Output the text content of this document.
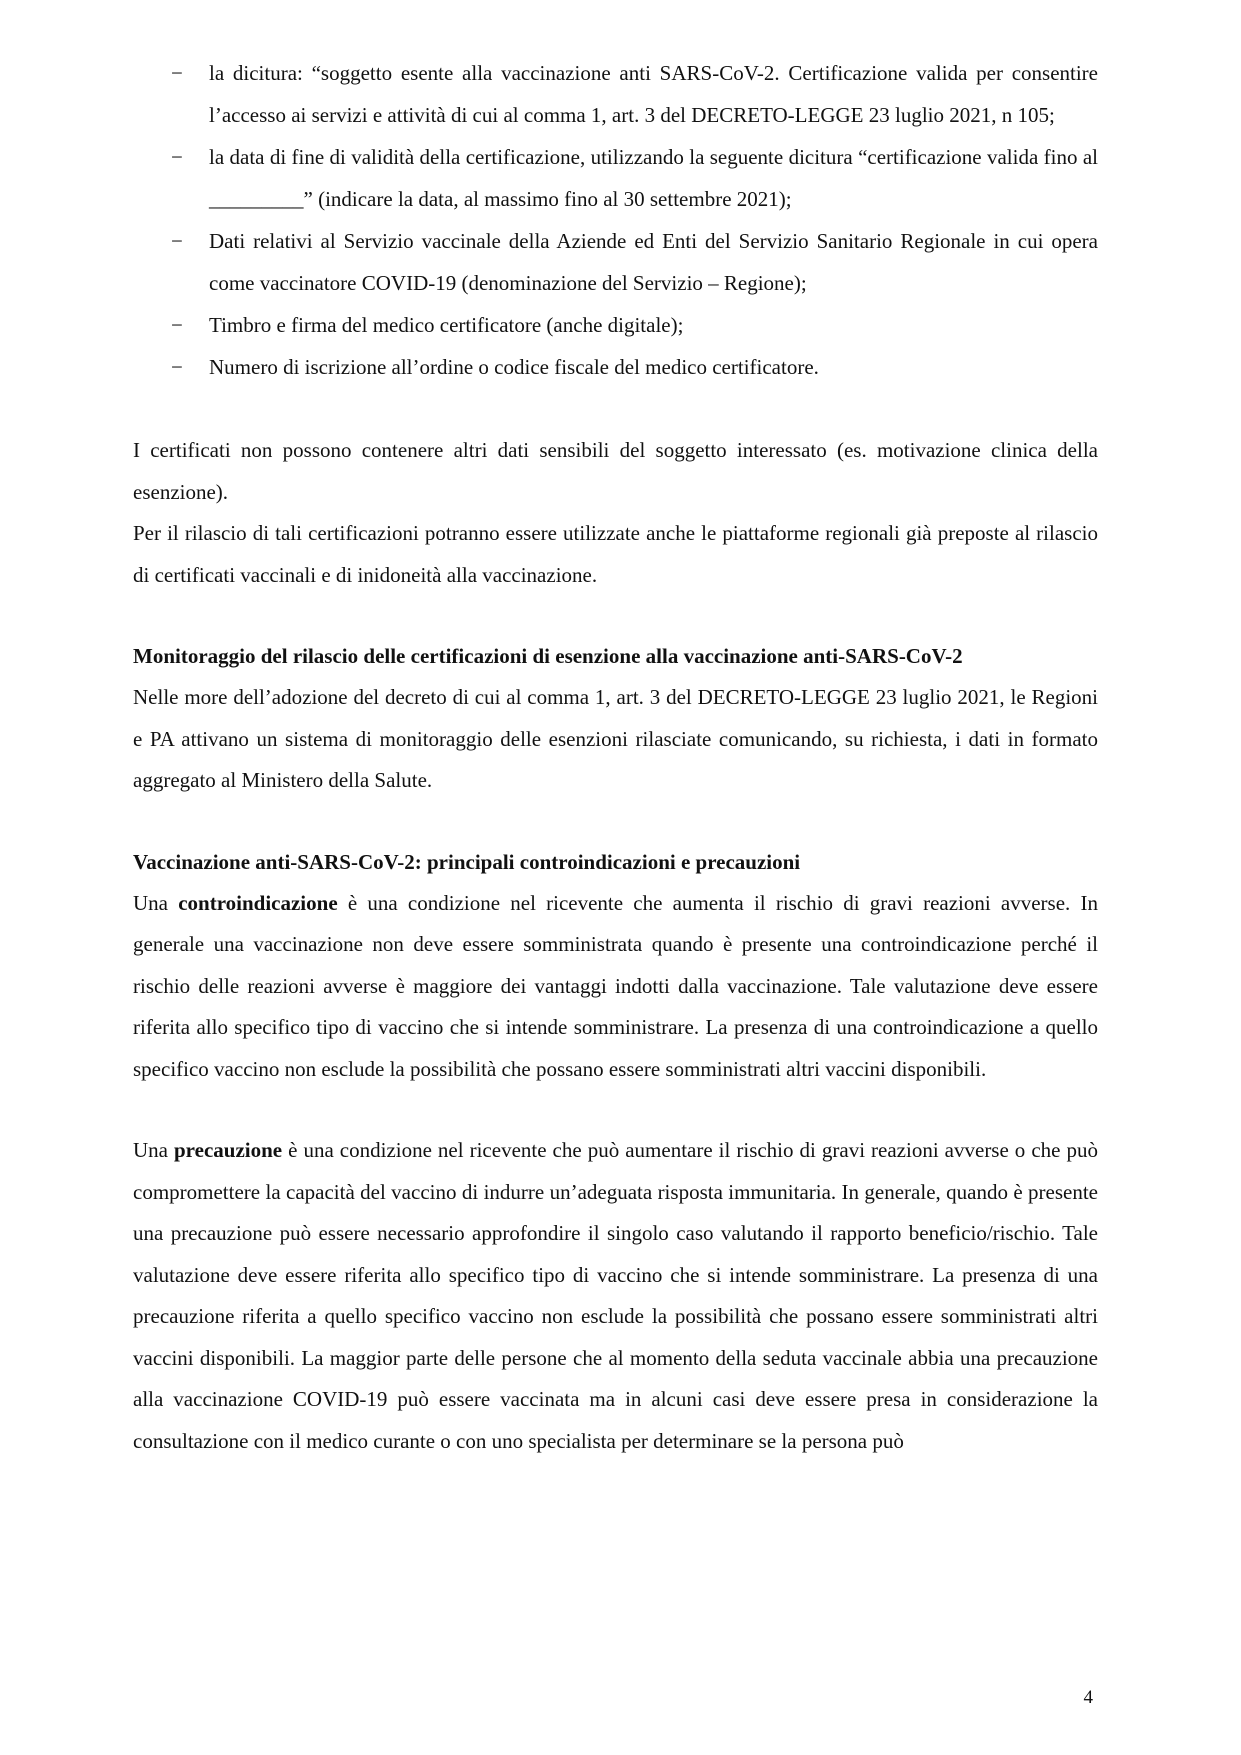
− la dicitura: “soggetto esente alla vaccinazione anti SARS-CoV-2. Certificazione valida per consentire l’accesso ai servizi e attività di cui al comma 1, art. 3 del DECRETO-LEGGE 23 luglio 2021, n 105;
− la data di fine di validità della certificazione, utilizzando la seguente dicitura “certificazione valida fino al _________” (indicare la data, al massimo fino al 30 settembre 2021);
− Dati relativi al Servizio vaccinale della Aziende ed Enti del Servizio Sanitario Regionale in cui opera      come vaccinatore COVID-19 (denominazione del Servizio – Regione);
− Timbro e firma del medico certificatore (anche digitale);
− Numero di iscrizione all’ordine o codice fiscale del medico certificatore.

I certificati non possono contenere altri dati sensibili del soggetto interessato (es. motivazione clinica della esenzione).

Per il rilascio di tali certificazioni potranno essere utilizzate anche le piattaforme regionali già preposte al rilascio di certificati vaccinali e di inidoneità alla vaccinazione.

Monitoraggio del rilascio delle certificazioni di esenzione alla vaccinazione anti-SARS-CoV-2

Nelle more dell’adozione del decreto di cui al comma 1, art. 3 del DECRETO-LEGGE 23 luglio 2021, le Regioni e PA attivano un sistema di monitoraggio delle esenzioni rilasciate comunicando, su richiesta, i dati in formato aggregato al Ministero della Salute.

Vaccinazione anti-SARS-CoV-2: principali controindicazioni e precauzioni

Una controindicazione è una condizione nel ricevente che aumenta il rischio di gravi reazioni avverse. In generale una vaccinazione non deve essere somministrata quando è presente una controindicazione perché il rischio delle reazioni avverse è maggiore dei vantaggi indotti dalla vaccinazione. Tale valutazione deve essere riferita allo specifico tipo di vaccino che si intende somministrare. La presenza di una controindicazione a quello specifico vaccino non esclude la possibilità che possano essere somministrati altri vaccini disponibili.

Una precauzione è una condizione nel ricevente che può aumentare il rischio di gravi reazioni avverse o che può compromettere la capacità del vaccino di indurre un’adeguata risposta immunitaria. In generale, quando è presente una precauzione può essere necessario approfondire il singolo caso valutando il rapporto beneficio/rischio. Tale valutazione deve essere riferita allo specifico tipo di vaccino che si intende somministrare. La presenza di una precauzione riferita a quello specifico vaccino non esclude la possibilità che possano essere somministrati altri vaccini disponibili. La maggior parte delle persone che al momento della seduta vaccinale abbia una precauzione alla vaccinazione COVID-19 può essere vaccinata ma in alcuni casi deve essere presa in considerazione la consultazione con il medico curante o con uno specialista per determinare se la persona può

4
